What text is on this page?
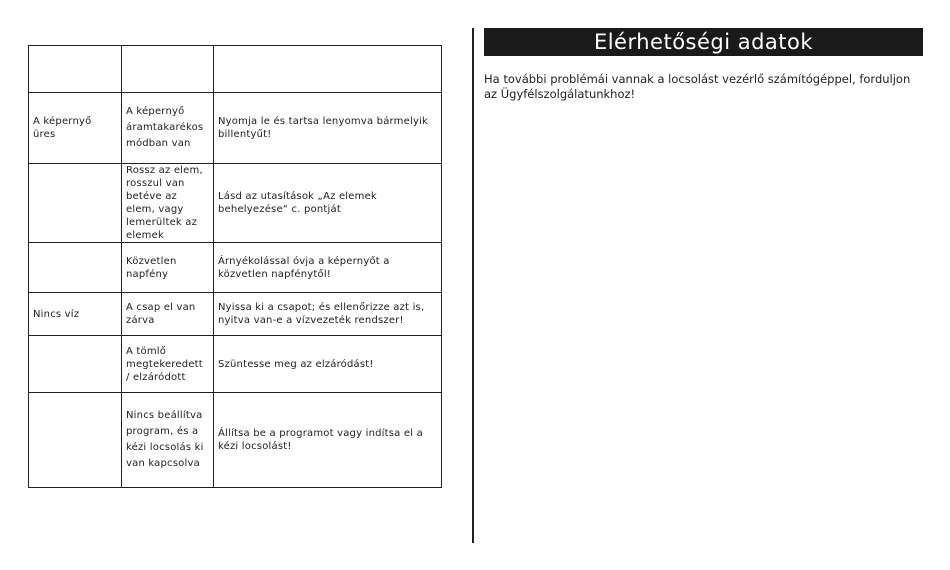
A képernyő üres	A képernyő áramtakarékos módban van	Nyomja le és tartsa lenyomva bármelyik billentyűt!
	Rossz az elem, rosszul van betéve az elem, vagy lemerültek az elemek	Lásd az utasítások „Az elemek behelyezése“ c. pontját
	Közvetlen napfény	Árnyékolással óvja a képernyőt a közvetlen napfénytől!
Nincs víz	A csap el van zárva	Nyissa ki a csapot; és ellenőrizze azt is, nyitva van-e a vízvezeték rendszer!
	A tömlő megtekeredett / elzáródott	Szüntesse meg az elzáródást!
	Nincs beállítva program, és a kézi locsolás ki van kapcsolva	Állítsa be a programot vagy indítsa el a kézi locsolást!
Elérhetőségi adatok

Ha további problémái vannak a locsolást vezérlő számítógéppel, forduljon az Ügyfélszolgálatunkhoz!
